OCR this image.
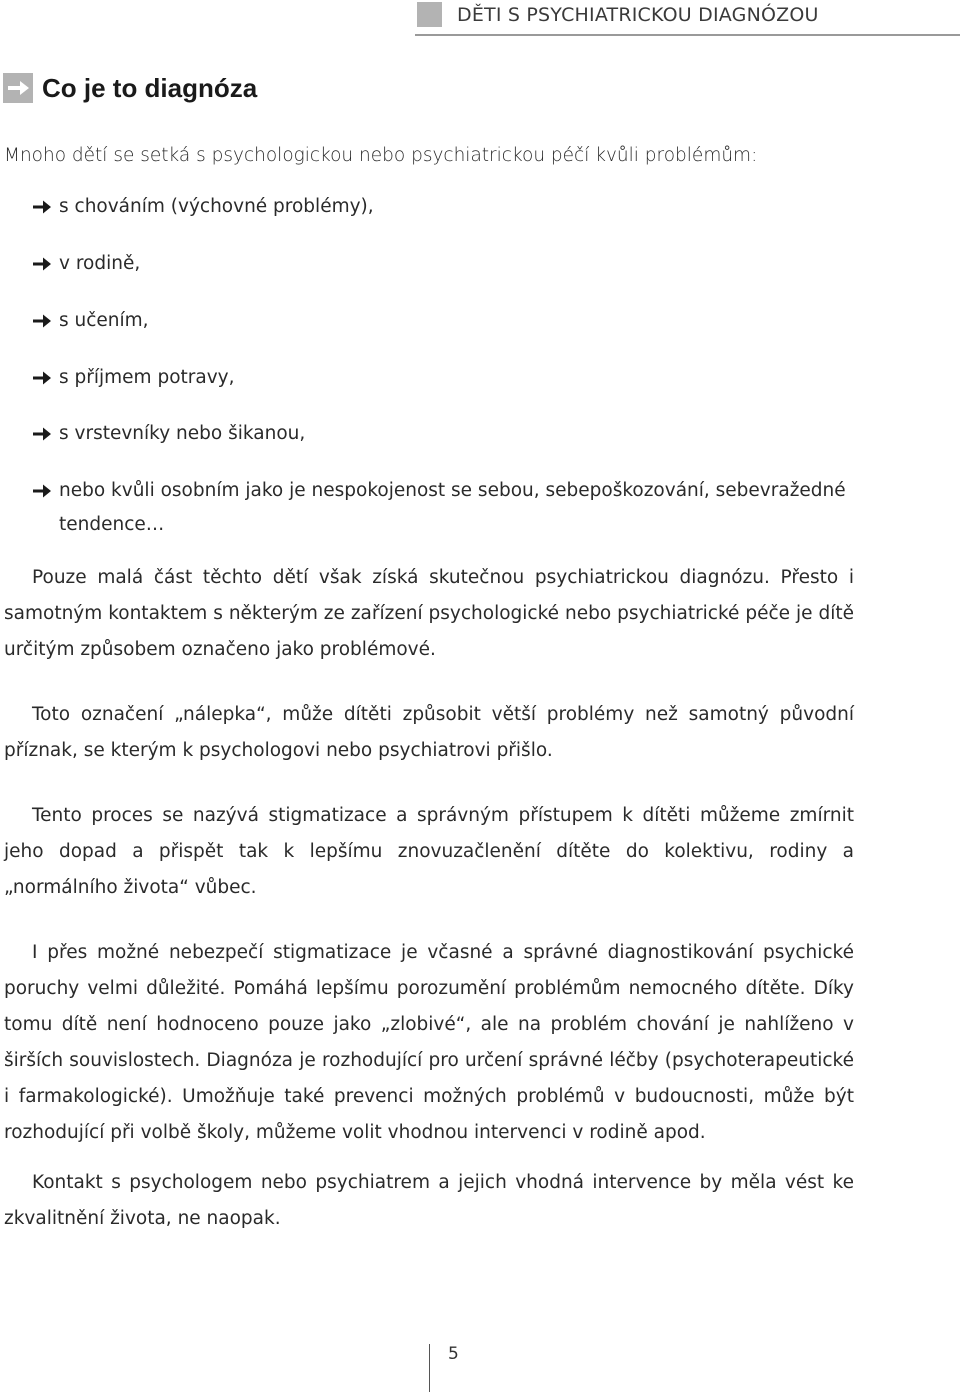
DĚTI S PSYCHIATRICKOU DIAGNÓZOU
Co je to diagnóza
Mnoho dětí se setká s psychologickou nebo psychiatrickou péčí kvůli problémům:
s chováním (výchovné problémy),
v rodině,
s učením,
s příjmem potravy,
s vrstevníky nebo šikanou,
nebo kvůli osobním jako je nespokojenost se sebou, sebepoškozování, sebevražedné tendence…
Pouze malá část těchto dětí však získá skutečnou psychiatrickou diagnózu. Přesto i samotným kontaktem s některým ze zařízení psychologické nebo psychiatrické péče je dítě určitým způsobem označeno jako problémové.
Toto označení „nálepka“, může dítěti způsobit větší problémy než samotný původní příznak, se kterým k psychologovi nebo psychiatrovi přišlo.
Tento proces se nazývá stigmatizace a správným přístupem k dítěti můžeme zmírnit jeho dopad a přispět tak k lepšímu znovuzačlenění dítěte do kolektivu, rodiny a „normálního života“ vůbec.
I přes možné nebezpečí stigmatizace je včasné a správné diagnostikování psychické poruchy velmi důležité. Pomáhá lepšímu porozumění problémům nemocného dítěte. Díky tomu dítě není hodnoceno pouze jako „zlobivé“, ale na problém chování je nahlíženo v širších souvislostech. Diagnóza je rozhodující pro určení správné léčby (psychoterapeutické i farmakologické). Umožňuje také prevenci možných problémů v budoucnosti, může být rozhodující při volbě školy, můžeme volit vhodnou intervenci v rodině apod.
Kontakt s psychologem nebo psychiatrem a jejich vhodná intervence by měla vést ke zkvalitnění života, ne naopak.
5
